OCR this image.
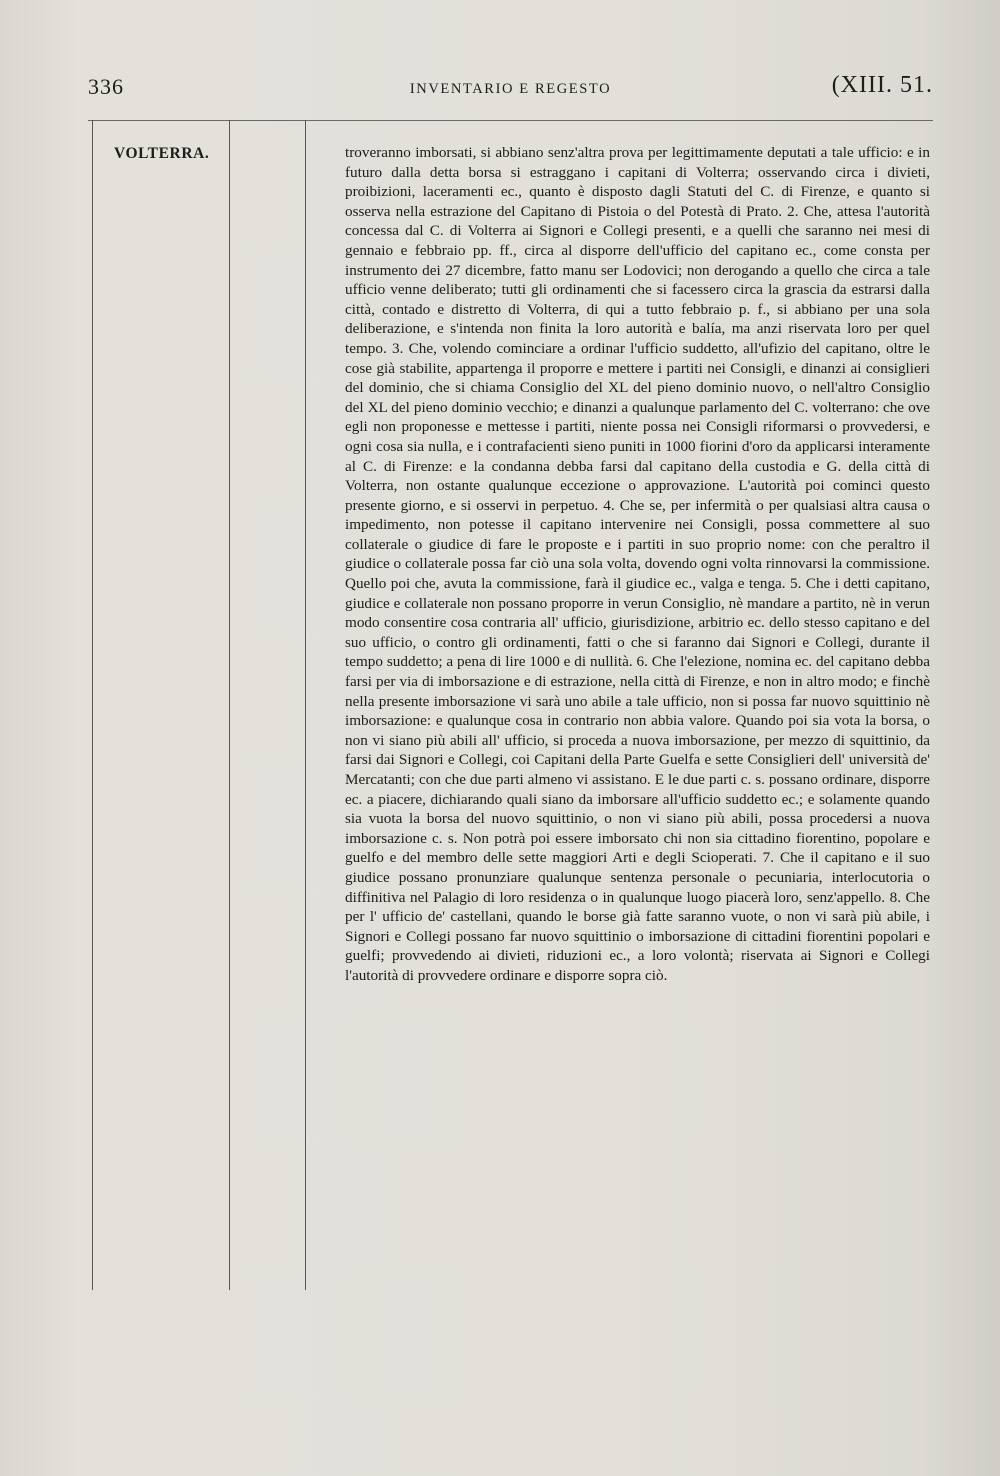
336	INVENTARIO E REGESTO	(XIII. 51.
VOLTERRA.	troveranno imborsati, si abbiano senz'altra prova per legittimamente deputati a tale ufficio: e in futuro dalla detta borsa si estraggano i capitani di Volterra; osservando circa i divieti, proibizioni, laceramenti ec., quanto è disposto dagli Statuti del C. di Firenze, e quanto si osserva nella estrazione del Capitano di Pistoia o del Potestà di Prato. 2. Che, attesa l'autorità concessa dal C. di Volterra ai Signori e Collegi presenti, e a quelli che saranno nei mesi di gennaio e febbraio pp. ff., circa al disporre dell'ufficio del capitano ec., come consta per instrumento dei 27 dicembre, fatto manu ser Lodovici; non derogando a quello che circa a tale ufficio venne deliberato; tutti gli ordinamenti che si facessero circa la grascia da estrarsi dalla città, contado e distretto di Volterra, di qui a tutto febbraio p. f., si abbiano per una sola deliberazione, e s'intenda non finita la loro autorità e balía, ma anzi riservata loro per quel tempo. 3. Che, volendo cominciare a ordinar l'ufficio suddetto, all'ufizio del capitano, oltre le cose già stabilite, appartenga il proporre e mettere i partiti nei Consigli, e dinanzi ai consiglieri del dominio, che si chiama Consiglio del XL del pieno dominio nuovo, o nell'altro Consiglio del XL del pieno dominio vecchio; e dinanzi a qualunque parlamento del C. volterrano: che ove egli non proponesse e mettesse i partiti, niente possa nei Consigli riformarsi o provvedersi, e ogni cosa sia nulla, e i contrafacienti sieno puniti in 1000 fiorini d'oro da applicarsi interamente al C. di Firenze: e la condanna debba farsi dal capitano della custodia e G. della città di Volterra, non ostante qualunque eccezione o approvazione. L'autorità poi cominci questo presente giorno, e si osservi in perpetuo. 4. Che se, per infermità o per qualsiasi altra causa o impedimento, non potesse il capitano intervenire nei Consigli, possa commettere al suo collaterale o giudice di fare le proposte e i partiti in suo proprio nome: con che peraltro il giudice o collaterale possa far ciò una sola volta, dovendo ogni volta rinnovarsi la commissione. Quello poi che, avuta la commissione, farà il giudice ec., valga e tenga. 5. Che i detti capitano, giudice e collaterale non possano proporre in verun Consiglio, nè mandare a partito, nè in verun modo consentire cosa contraria all' ufficio, giurisdizione, arbitrio ec. dello stesso capitano e del suo ufficio, o contro gli ordinamenti, fatti o che si faranno dai Signori e Collegi, durante il tempo suddetto; a pena di lire 1000 e di nullità. 6. Che l'elezione, nomina ec. del capitano debba farsi per via di imborsazione e di estrazione, nella città di Firenze, e non in altro modo; e finchè nella presente imborsazione vi sarà uno abile a tale ufficio, non si possa far nuovo squittinio nè imborsazione: e qualunque cosa in contrario non abbia valore. Quando poi sia vota la borsa, o non vi siano più abili all' ufficio, si proceda a nuova imborsazione, per mezzo di squittinio, da farsi dai Signori e Collegi, coi Capitani della Parte Guelfa e sette Consiglieri dell' università de' Mercatanti; con che due parti almeno vi assistano. E le due parti c. s. possano ordinare, disporre ec. a piacere, dichiarando quali siano da imborsare all'ufficio suddetto ec.; e solamente quando sia vuota la borsa del nuovo squittinio, o non vi siano più abili, possa procedersi a nuova imborsazione c. s. Non potrà poi essere imborsato chi non sia cittadino fiorentino, popolare e guelfo e del membro delle sette maggiori Arti e degli Scioperati. 7. Che il capitano e il suo giudice possano pronunziare qualunque sentenza personale o pecuniaria, interlocutoria o diffinitiva nel Palagio di loro residenza o in qualunque luogo piacerà loro, senz'appello. 8. Che per l' ufficio de' castellani, quando le borse già fatte saranno vuote, o non vi sarà più abile, i Signori e Collegi possano far nuovo squittinio o imborsazione di cittadini fiorentini popolari e guelfi; provvedendo ai divieti, riduzioni ec., a loro volontà; riservata ai Signori e Collegi l'autorità di provvedere ordinare e disporre sopra ciò.
